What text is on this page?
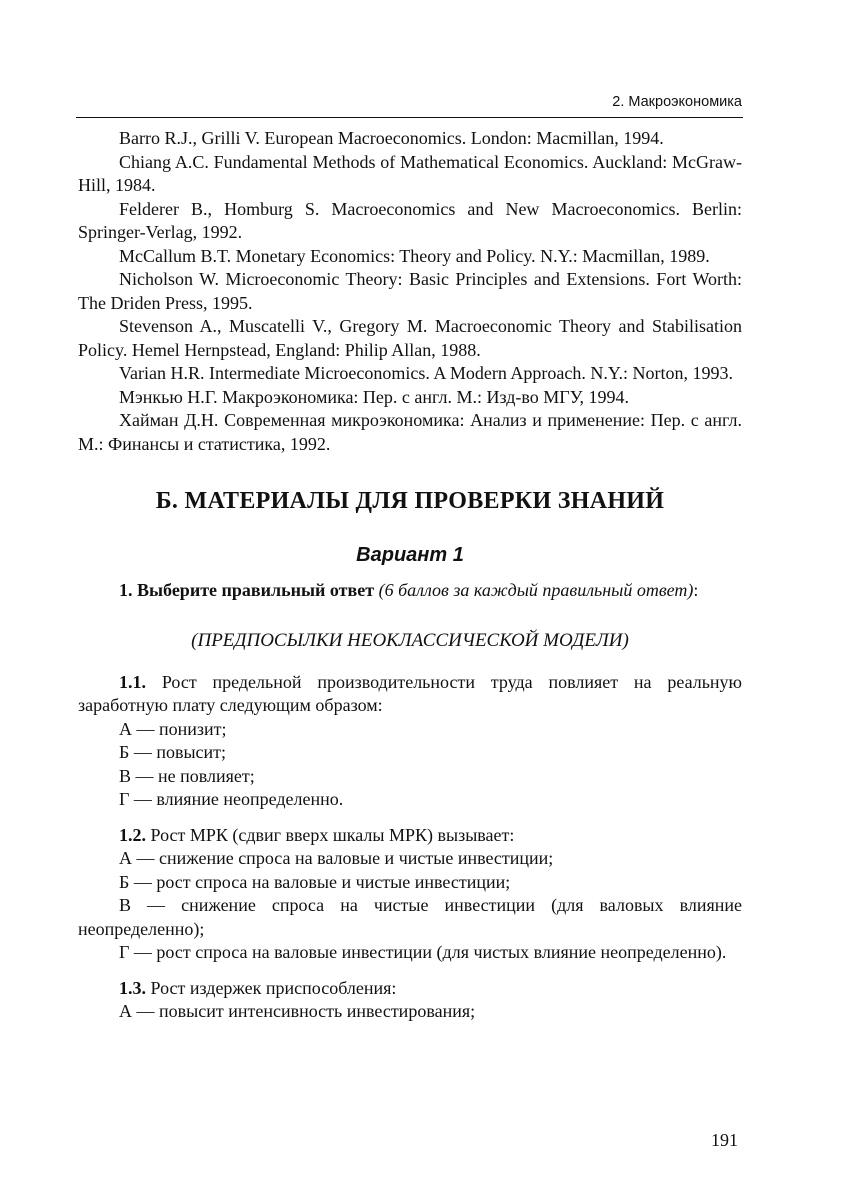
2. Макроэкономика

Barro R.J., Grilli V. European Macroeconomics. London: Macmillan, 1994.

Chiang A.C. Fundamental Methods of Mathematical Economics. Auckland: McGraw-Hill, 1984.

Felderer B., Homburg S. Macroeconomics and New Macroeconomics. Berlin: Springer-Verlag, 1992.

McCallum B.T. Monetary Economics: Theory and Policy. N.Y.: Macmillan, 1989.

Nicholson W. Microeconomic Theory: Basic Principles and Extensions. Fort Worth: The Driden Press, 1995.

Stevenson A., Muscatelli V., Gregory M. Macroeconomic Theory and Stabilisation Policy. Hemel Hernpstead, England: Philip Allan, 1988.

Varian H.R. Intermediate Microeconomics. A Modern Approach. N.Y.: Norton, 1993.

Мэнкью Н.Г. Макроэкономика: Пер. с англ. М.: Изд-во МГУ, 1994.

Хайман Д.Н. Современная микроэкономика: Анализ и применение: Пер. с англ. М.: Финансы и статистика, 1992.

Б. МАТЕРИАЛЫ ДЛЯ ПРОВЕРКИ ЗНАНИЙ
Вариант 1

1. Выберите правильный ответ (6 баллов за каждый правильный ответ):

(ПРЕДПОСЫЛКИ НЕОКЛАССИЧЕСКОЙ МОДЕЛИ)

1.1. Рост предельной производительности труда повлияет на реальную заработную плату следующим образом:

А — понизит;

Б — повысит;

В — не повлияет;

Г — влияние неопределенно.

1.2. Рост МРК (сдвиг вверх шкалы МРК) вызывает:

А — снижение спроса на валовые и чистые инвестиции;

Б — рост спроса на валовые и чистые инвестиции;

В — снижение спроса на чистые инвестиции (для валовых влияние неопределенно);

Г — рост спроса на валовые инвестиции (для чистых влияние неопределенно).

1.3. Рост издержек приспособления:

А — повысит интенсивность инвестирования;

191
